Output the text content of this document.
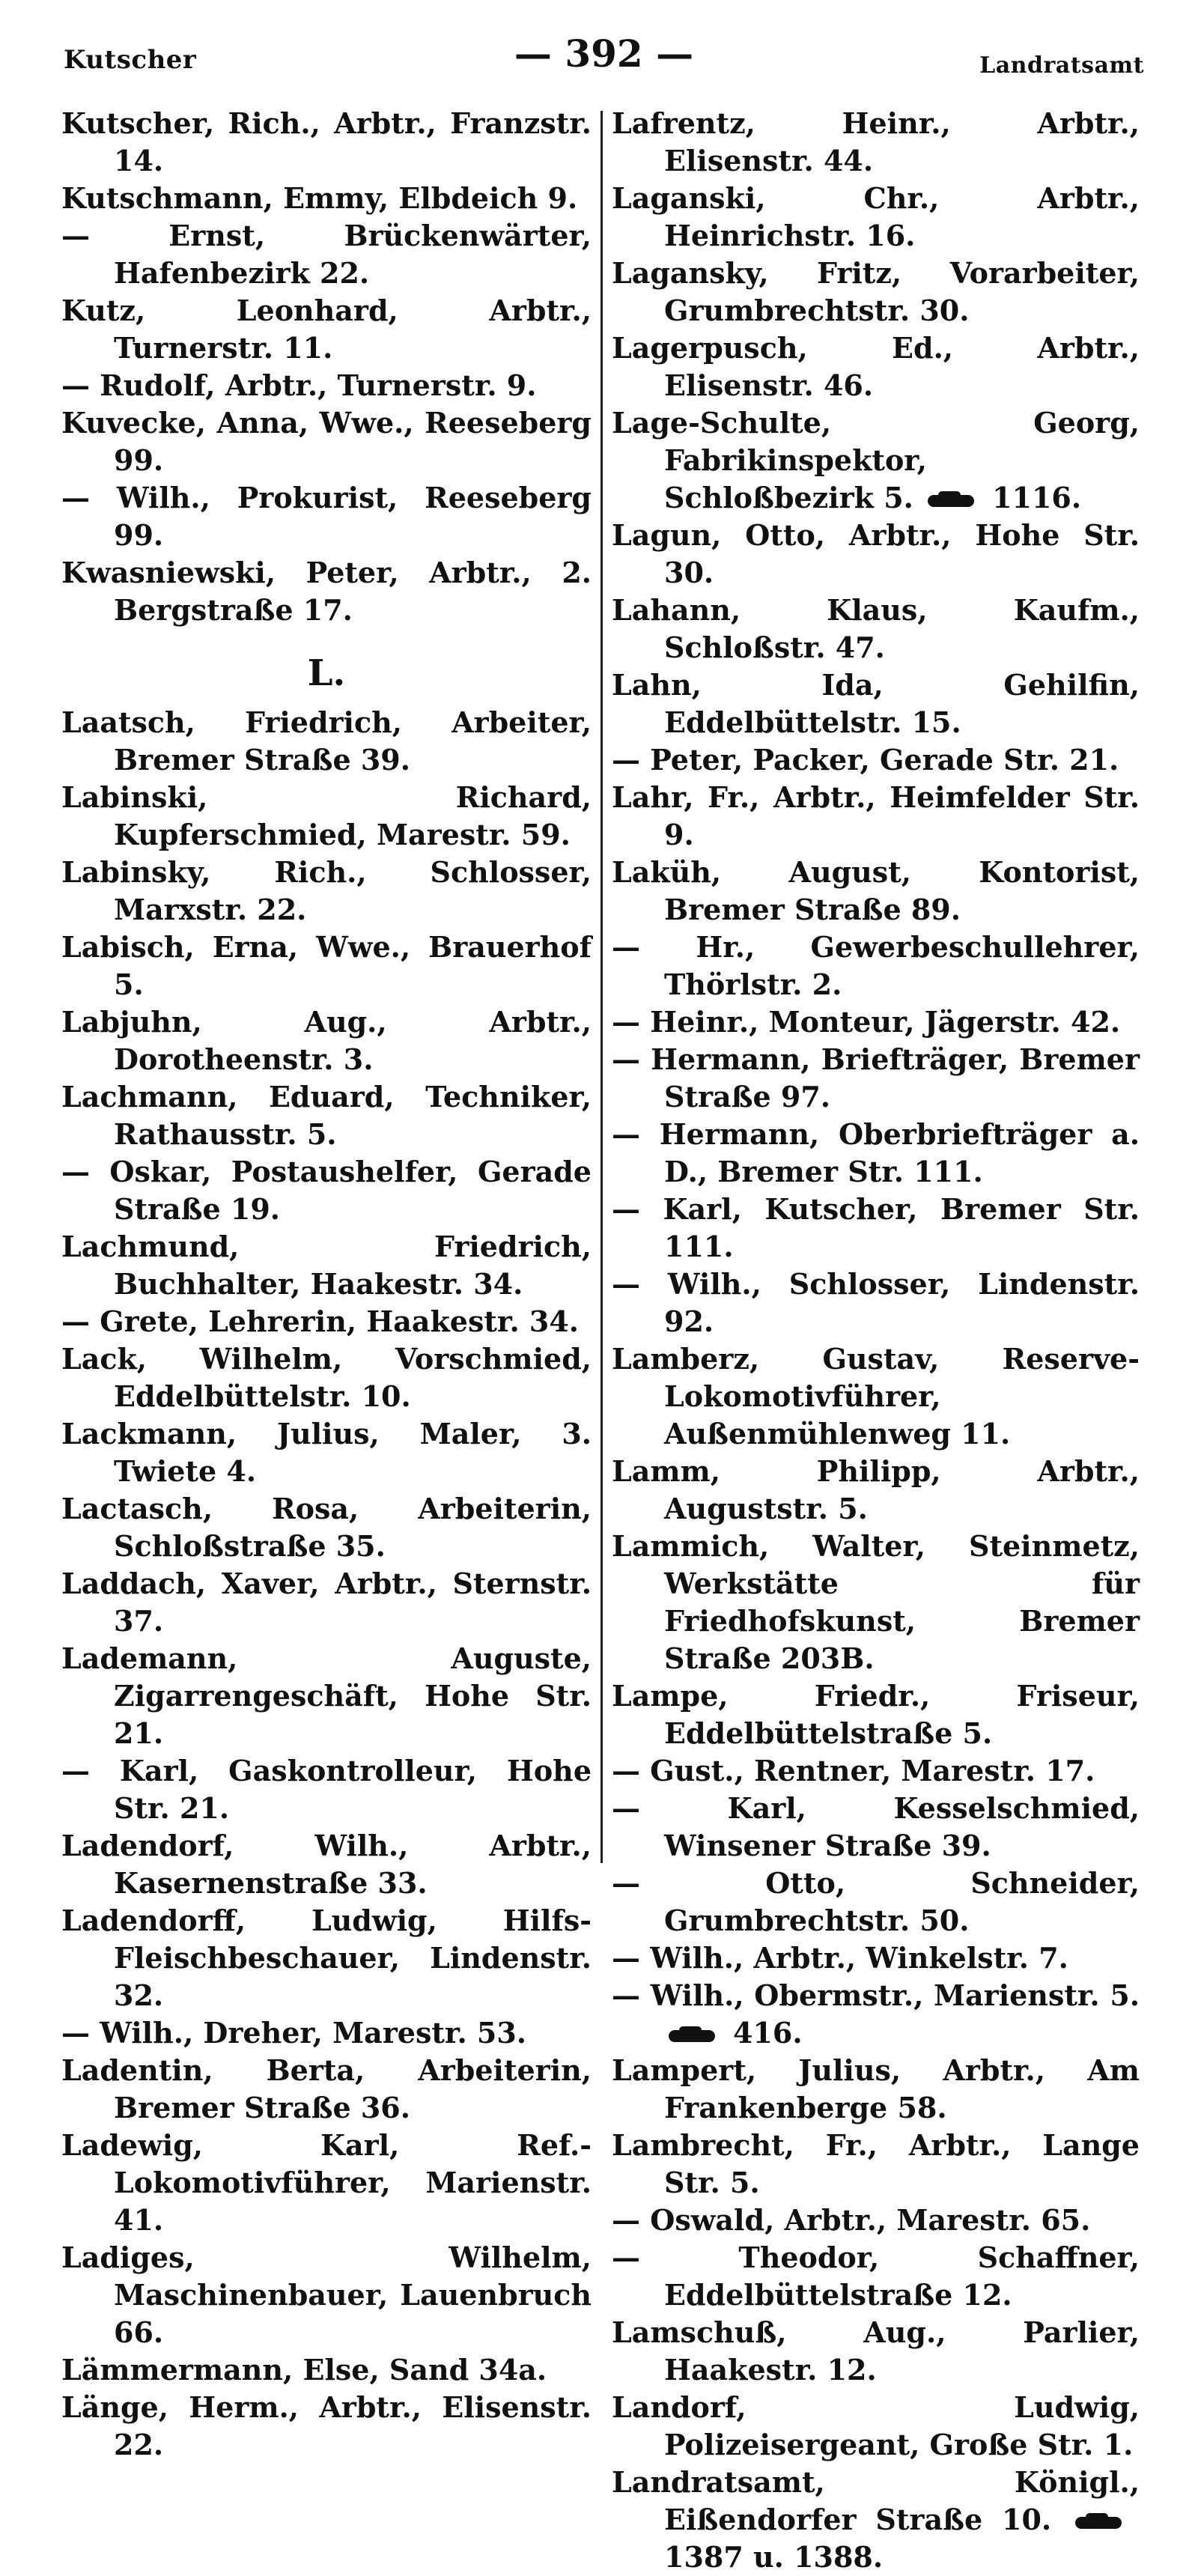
Kutscher	— 392 —	Landratsamt

Kutscher, Rich., Arbtr., Franzstr. 14.

Kutschmann, Emmy, Elbdeich 9.

— Ernst, Brückenwärter, Hafenbezirk 22.

Kutz, Leonhard, Arbtr., Turnerstr. 11.

— Rudolf, Arbtr., Turnerstr. 9.

Kuvecke, Anna, Wwe., Reeseberg 99.

— Wilh., Prokurist, Reeseberg 99.

Kwasniewski, Peter, Arbtr., 2. Bergstraße 17.

L.

Laatsch, Friedrich, Arbeiter, Bremer Straße 39.

Labinski, Richard, Kupferschmied, Marestr. 59.

Labinsky, Rich., Schlosser, Marxstr. 22.

Labisch, Erna, Wwe., Brauerhof 5.

Labjuhn, Aug., Arbtr., Dorotheenstr. 3.

Lachmann, Eduard, Techniker, Rathausstr. 5.

— Oskar, Postaushelfer, Gerade Straße 19.

Lachmund, Friedrich, Buchhalter, Haakestr. 34.

— Grete, Lehrerin, Haakestr. 34.

Lack, Wilhelm, Vorschmied, Eddelbüttelstr. 10.

Lackmann, Julius, Maler, 3. Twiete 4.

Lactasch, Rosa, Arbeiterin, Schloßstraße 35.

Laddach, Xaver, Arbtr., Sternstr. 37.

Lademann, Auguste, Zigarrengeschäft, Hohe Str. 21.

— Karl, Gaskontrolleur, Hohe Str. 21.

Ladendorf, Wilh., Arbtr., Kasernenstraße 33.

Ladendorff, Ludwig, Hilfs-Fleischbeschauer, Lindenstr. 32.

— Wilh., Dreher, Marestr. 53.

Ladentin, Berta, Arbeiterin, Bremer Straße 36.

Ladewig, Karl, Ref.-Lokomotivführer, Marienstr. 41.

Ladiges, Wilhelm, Maschinenbauer, Lauenbruch 66.

Lämmermann, Else, Sand 34a.

Länge, Herm., Arbtr., Elisenstr. 22.

Lafrentz, Heinr., Arbtr., Elisenstr. 44.

Laganski, Chr., Arbtr., Heinrichstr. 16.

Lagansky, Fritz, Vorarbeiter, Grumbrechtstr. 30.

Lagerpusch, Ed., Arbtr., Elisenstr. 46.

Lage-Schulte, Georg, Fabrikinspektor, Schloßbezirk 5.	1116.

Lagun, Otto, Arbtr., Hohe Str. 30.

Lahann, Klaus, Kaufm., Schloßstr. 47.

Lahn, Ida, Gehilfin, Eddelbüttelstr. 15.

— Peter, Packer, Gerade Str. 21.

Lahr, Fr., Arbtr., Heimfelder Str. 9.

Laküh, August, Kontorist, Bremer Straße 89.

— Hr., Gewerbeschullehrer, Thörlstr. 2.

— Heinr., Monteur, Jägerstr. 42.

— Hermann, Briefträger, Bremer Straße 97.

— Hermann, Oberbriefträger a. D., Bremer Str. 111.

— Karl, Kutscher, Bremer Str. 111.

— Wilh., Schlosser, Lindenstr. 92.

Lamberz, Gustav, Reserve-Lokomotivführer, Außenmühlenweg 11.

Lamm, Philipp, Arbtr., Auguststr. 5.

Lammich, Walter, Steinmetz, Werkstätte für Friedhofskunst, Bremer Straße 203B.

Lampe, Friedr., Friseur, Eddelbüttelstraße 5.

— Gust., Rentner, Marestr. 17.

— Karl, Kesselschmied, Winsener Straße 39.

— Otto, Schneider, Grumbrechtstr. 50.

— Wilh., Arbtr., Winkelstr. 7.

— Wilh., Obermstr., Marienstr. 5. 416.

Lampert, Julius, Arbtr., Am Frankenberge 58.

Lambrecht, Fr., Arbtr., Lange Str. 5.

— Oswald, Arbtr., Marestr. 65.

— Theodor, Schaffner, Eddelbüttelstraße 12.

Lamschuß, Aug., Parlier, Haakestr. 12.

Landorf, Ludwig, Polizeisergeant, Große Str. 1.

Landratsamt, Königl., Eißendorfer Straße 10. 1387 u. 1388.
